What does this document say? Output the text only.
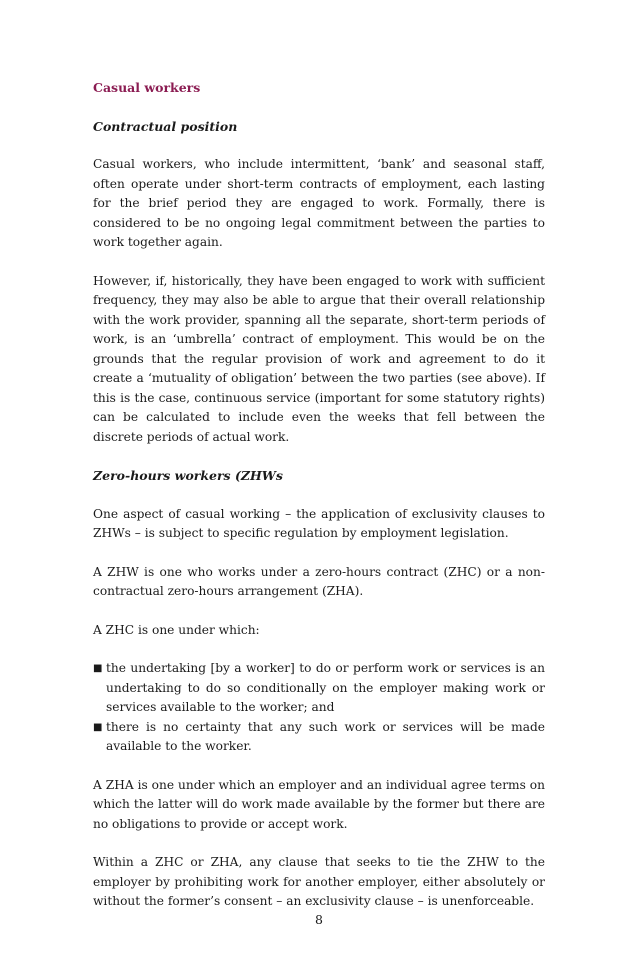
Casual workers
Contractual position

Casual workers, who include intermittent, ‘bank’ and seasonal staff, often operate under short-term contracts of employment, each lasting for the brief period they are engaged to work. Formally, there is considered to be no ongoing legal commitment between the parties to work together again.

However, if, historically, they have been engaged to work with sufficient frequency, they may also be able to argue that their overall relationship with the work provider, spanning all the separate, short-term periods of work, is an ‘umbrella’ contract of employment. This would be on the grounds that the regular provision of work and agreement to do it create a ‘mutuality of obligation’ between the two parties (see above). If this is the case, continuous service (important for some statutory rights) can be calculated to include even the weeks that fell between the discrete periods of actual work.

Zero-hours workers (ZHWs

One aspect of casual working – the application of exclusivity clauses to ZHWs – is subject to specific regulation by employment legislation.

A ZHW is one who works under a zero-hours contract (ZHC) or a non-contractual zero-hours arrangement (ZHA).

A ZHC is one under which:

■ the undertaking [by a worker] to do or perform work or services is an undertaking to do so conditionally on the employer making work or services available to the worker; and
■ there is no certainty that any such work or services will be made available to the worker.

A ZHA is one under which an employer and an individual agree terms on which the latter will do work made available by the former but there are no obligations to provide or accept work.

Within a ZHC or ZHA, any clause that seeks to tie the ZHW to the employer by prohibiting work for another employer, either absolutely or without the former’s consent – an exclusivity clause – is unenforceable.

8
